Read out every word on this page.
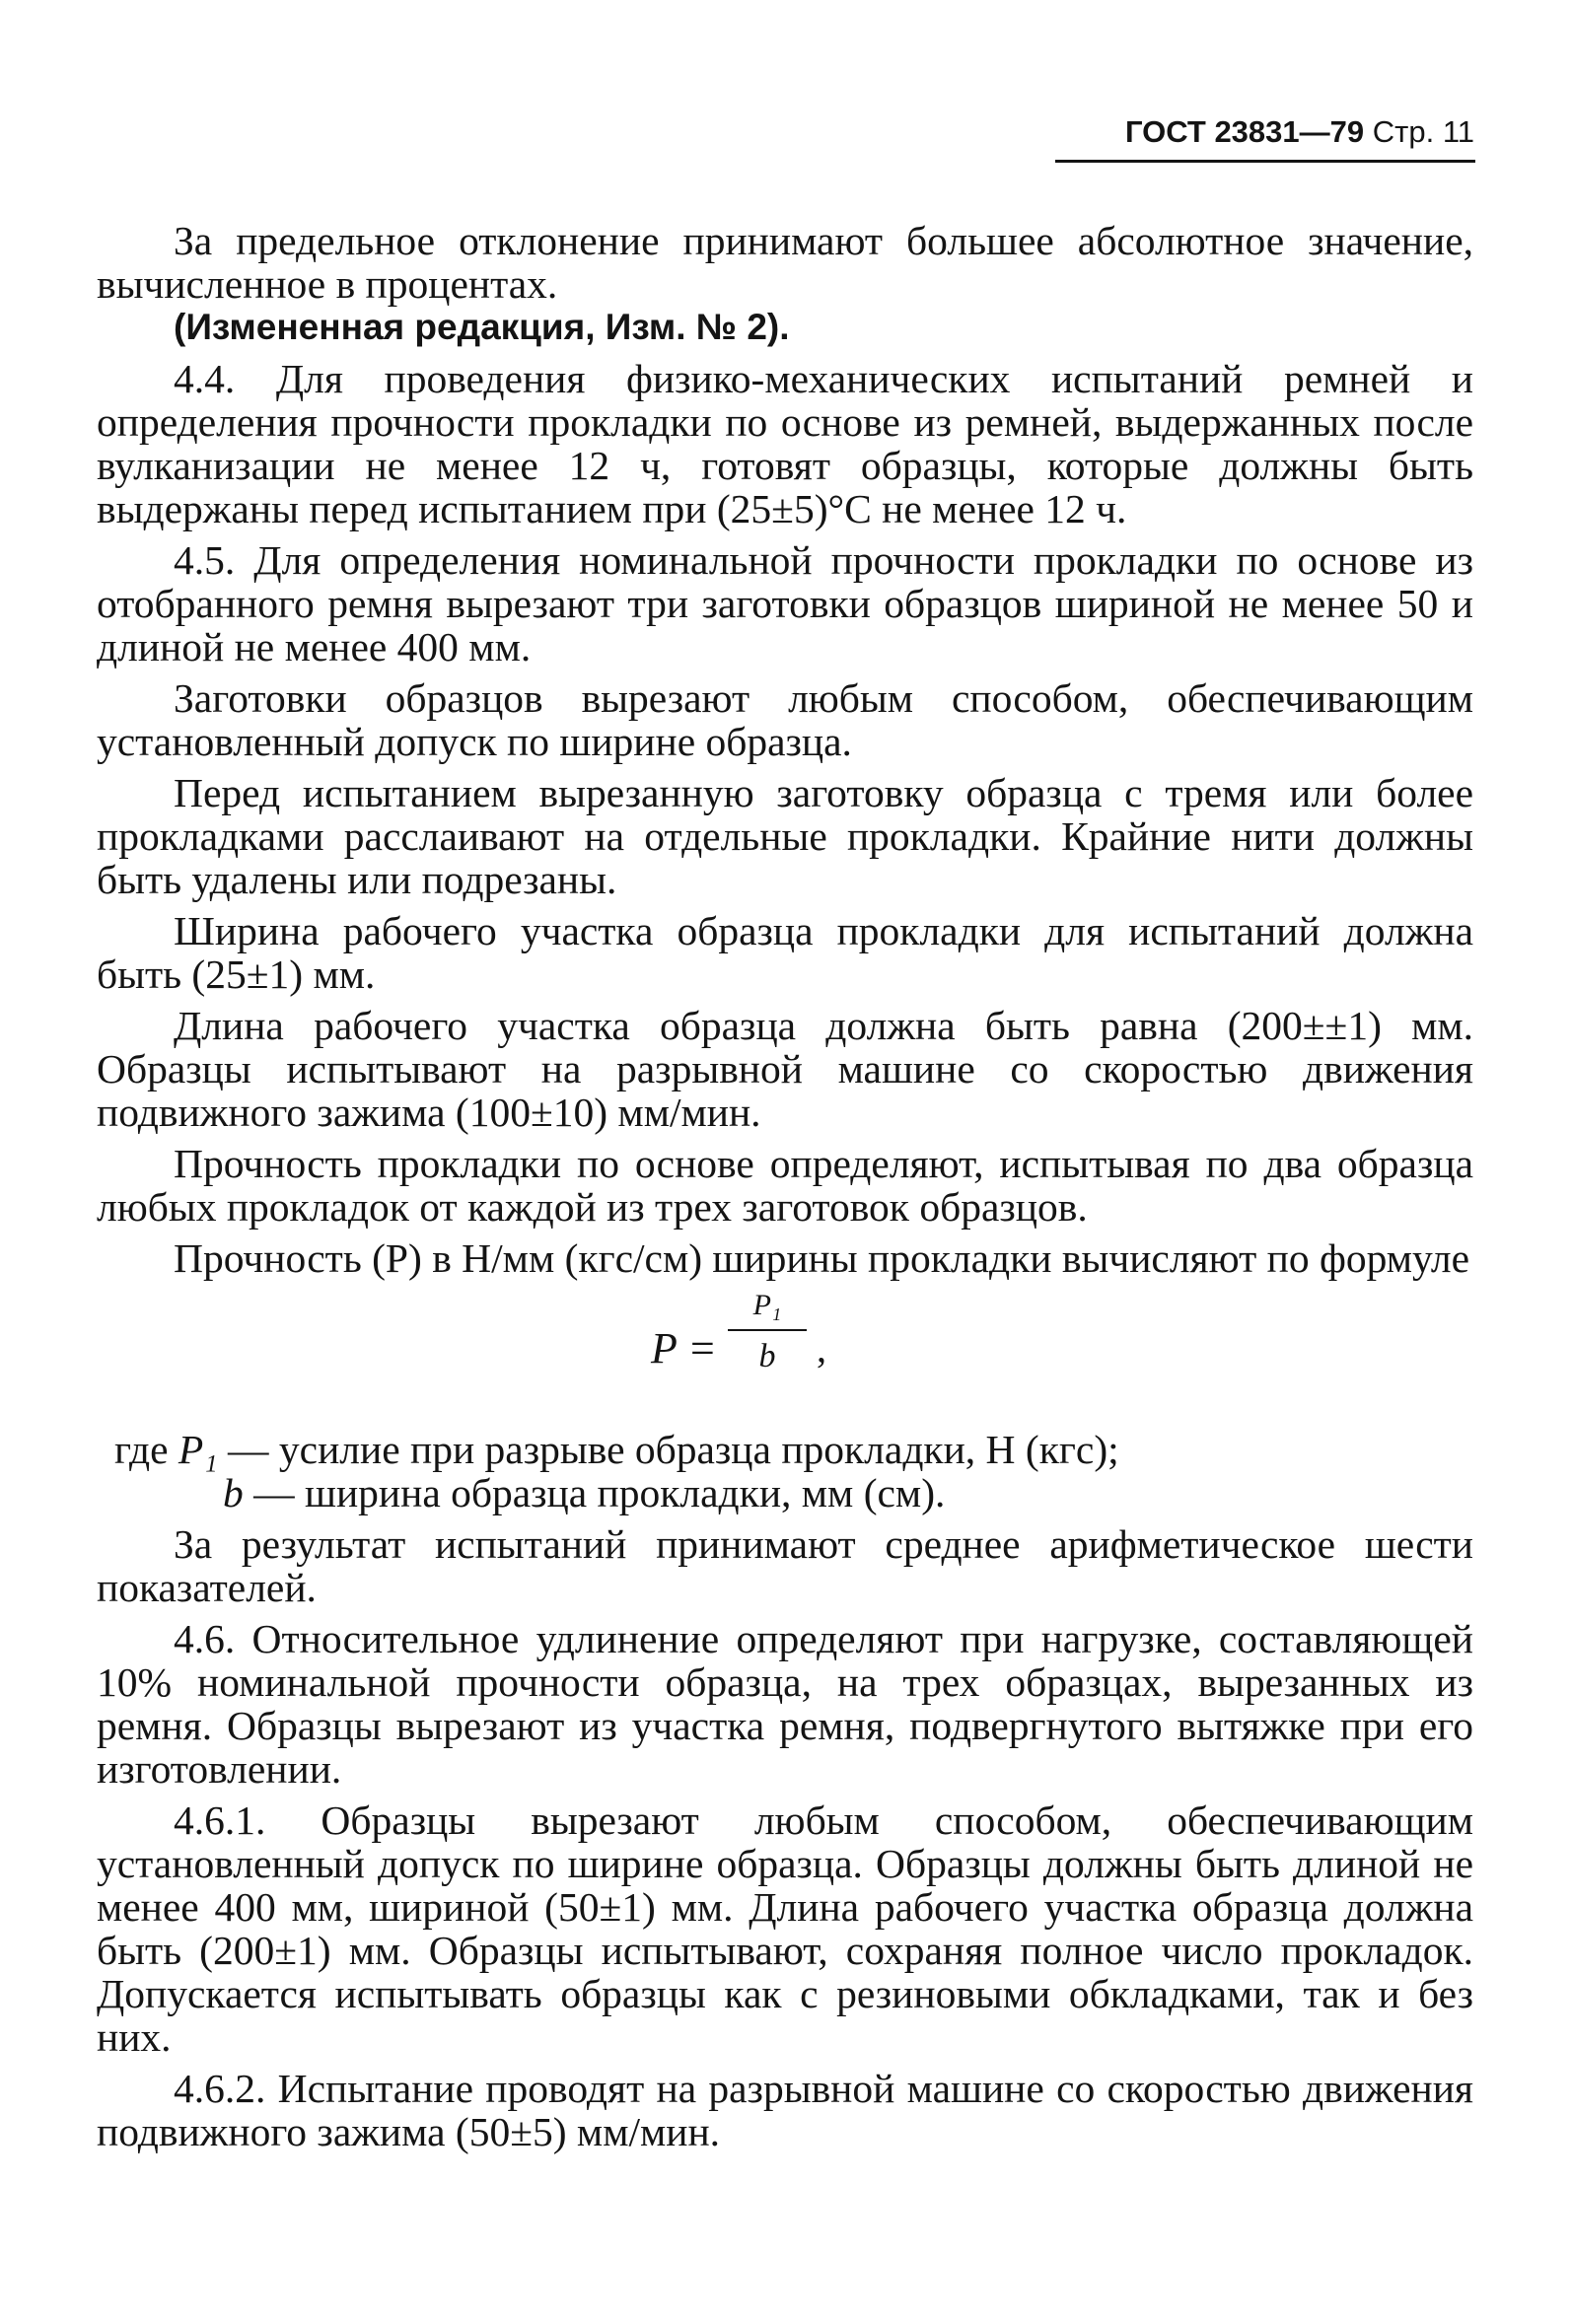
ГОСТ 23831—79 Стр. 11

За предельное отклонение принимают большее абсолютное значение, вычисленное в процентах.

(Измененная редакция, Изм. № 2).

4.4. Для проведения физико-механических испытаний ремней и определения прочности прокладки по основе из ремней, выдержанных после вулканизации не менее 12 ч, готовят образцы, которые должны быть выдержаны перед испытанием при (25±5)°С не менее 12 ч.

4.5. Для определения номинальной прочности прокладки по основе из отобранного ремня вырезают три заготовки образцов шириной не менее 50 и длиной не менее 400 мм.

Заготовки образцов вырезают любым способом, обеспечивающим установленный допуск по ширине образца.

Перед испытанием вырезанную заготовку образца с тремя или более прокладками расслаивают на отдельные прокладки. Крайние нити должны быть удалены или подрезаны.

Ширина рабочего участка образца прокладки для испытаний должна быть (25±1) мм.

Длина рабочего участка образца должна быть равна (200±±1) мм. Образцы испытывают на разрывной машине со скоростью движения подвижного зажима (100±10) мм/мин.

Прочность прокладки по основе определяют, испытывая по два образца любых прокладок от каждой из трех заготовок образцов.

Прочность (P) в Н/мм (кгс/см) ширины прокладки вычисляют по формуле

P =
P₁
b	,
где P₁ — усилие при разрыве образца прокладки, Н (кгс);
b — ширина образца прокладки, мм (см).

За результат испытаний принимают среднее арифметическое шести показателей.

4.6. Относительное удлинение определяют при нагрузке, составляющей 10% номинальной прочности образца, на трех образцах, вырезанных из ремня. Образцы вырезают из участка ремня, подвергнутого вытяжке при его изготовлении.

4.6.1. Образцы вырезают любым способом, обеспечивающим установленный допуск по ширине образца. Образцы должны быть длиной не менее 400 мм, шириной (50±1) мм. Длина рабочего участка образца должна быть (200±1) мм. Образцы испытывают, сохраняя полное число прокладок. Допускается испытывать образцы как с резиновыми обкладками, так и без них.

4.6.2. Испытание проводят на разрывной машине со скоростью движения подвижного зажима (50±5) мм/мин.
